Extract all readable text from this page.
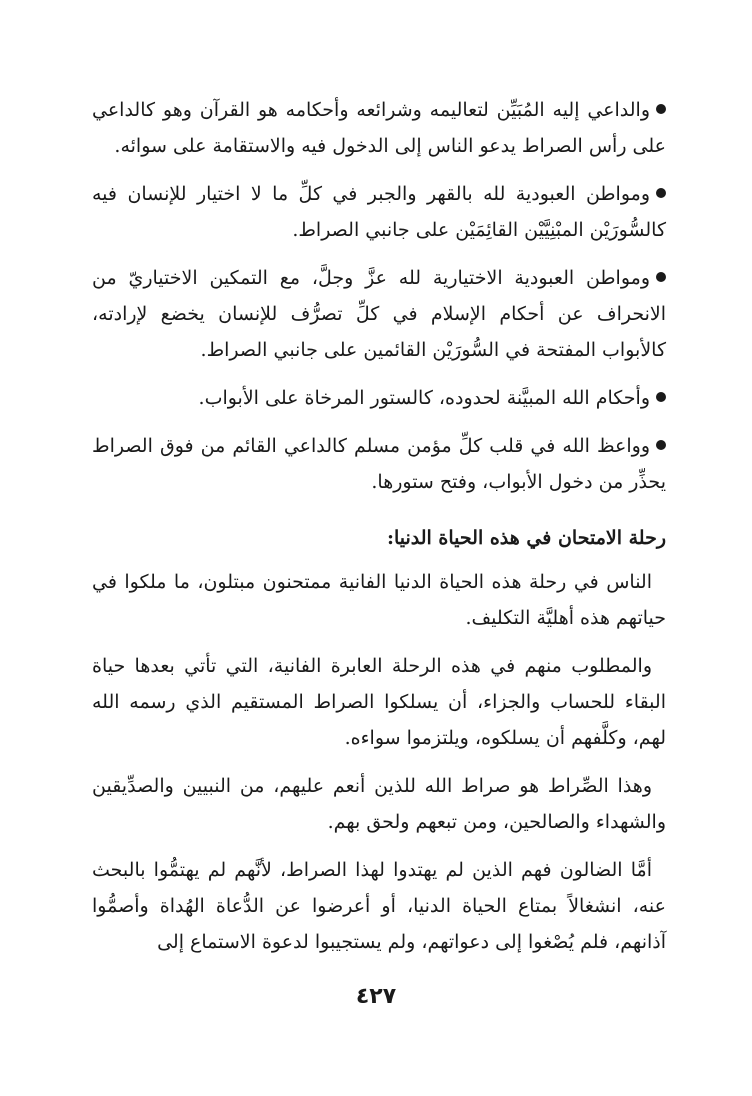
والداعي إليه المُبَيِّن لتعاليمه وشرائعه وأحكامه هو القرآن وهو كالداعي على رأس الصراط يدعو الناس إلى الدخول فيه والاستقامة على سوائه.

ومواطن العبودية لله بالقهر والجبر في كلِّ ما لا اختيار للإنسان فيه كالسُّورَيْن المبْنِيَّيْن القائِمَيْن على جانبي الصراط.

ومواطن العبودية الاختيارية لله عزَّ وجلَّ، مع التمكين الاختياريّ من الانحراف عن أحكام الإسلام في كلِّ تصرُّف للإنسان يخضع لإرادته، كالأبواب المفتحة في السُّورَيْن القائمين على جانبي الصراط.

وأحكام الله المبيَّنة لحدوده، كالستور المرخاة على الأبواب.

وواعظ الله في قلب كلِّ مؤمن مسلم كالداعي القائم من فوق الصراط يحذِّر من دخول الأبواب، وفتح ستورها.

رحلة الامتحان في هذه الحياة الدنيا:

الناس في رحلة هذه الحياة الدنيا الفانية ممتحنون مبتلون، ما ملكوا في حياتهم هذه أهليَّة التكليف.

والمطلوب منهم في هذه الرحلة العابرة الفانية، التي تأتي بعدها حياة البقاء للحساب والجزاء، أن يسلكوا الصراط المستقيم الذي رسمه الله لهم، وكلَّفهم أن يسلكوه، ويلتزموا سواءه.

وهذا الصِّراط هو صراط الله للذين أنعم عليهم، من النبيين والصدِّيقين والشهداء والصالحين، ومن تبعهم ولحق بهم.

أمَّا الضالون فهم الذين لم يهتدوا لهذا الصراط، لأنَّهم لم يهتمُّوا بالبحث عنه، انشغالاً بمتاع الحياة الدنيا، أو أعرضوا عن الدُّعاة الهُداة وأصمُّوا آذانهم، فلم يُصْغوا إلى دعواتهم، ولم يستجيبوا لدعوة الاستماع إلى

٤٢٧
